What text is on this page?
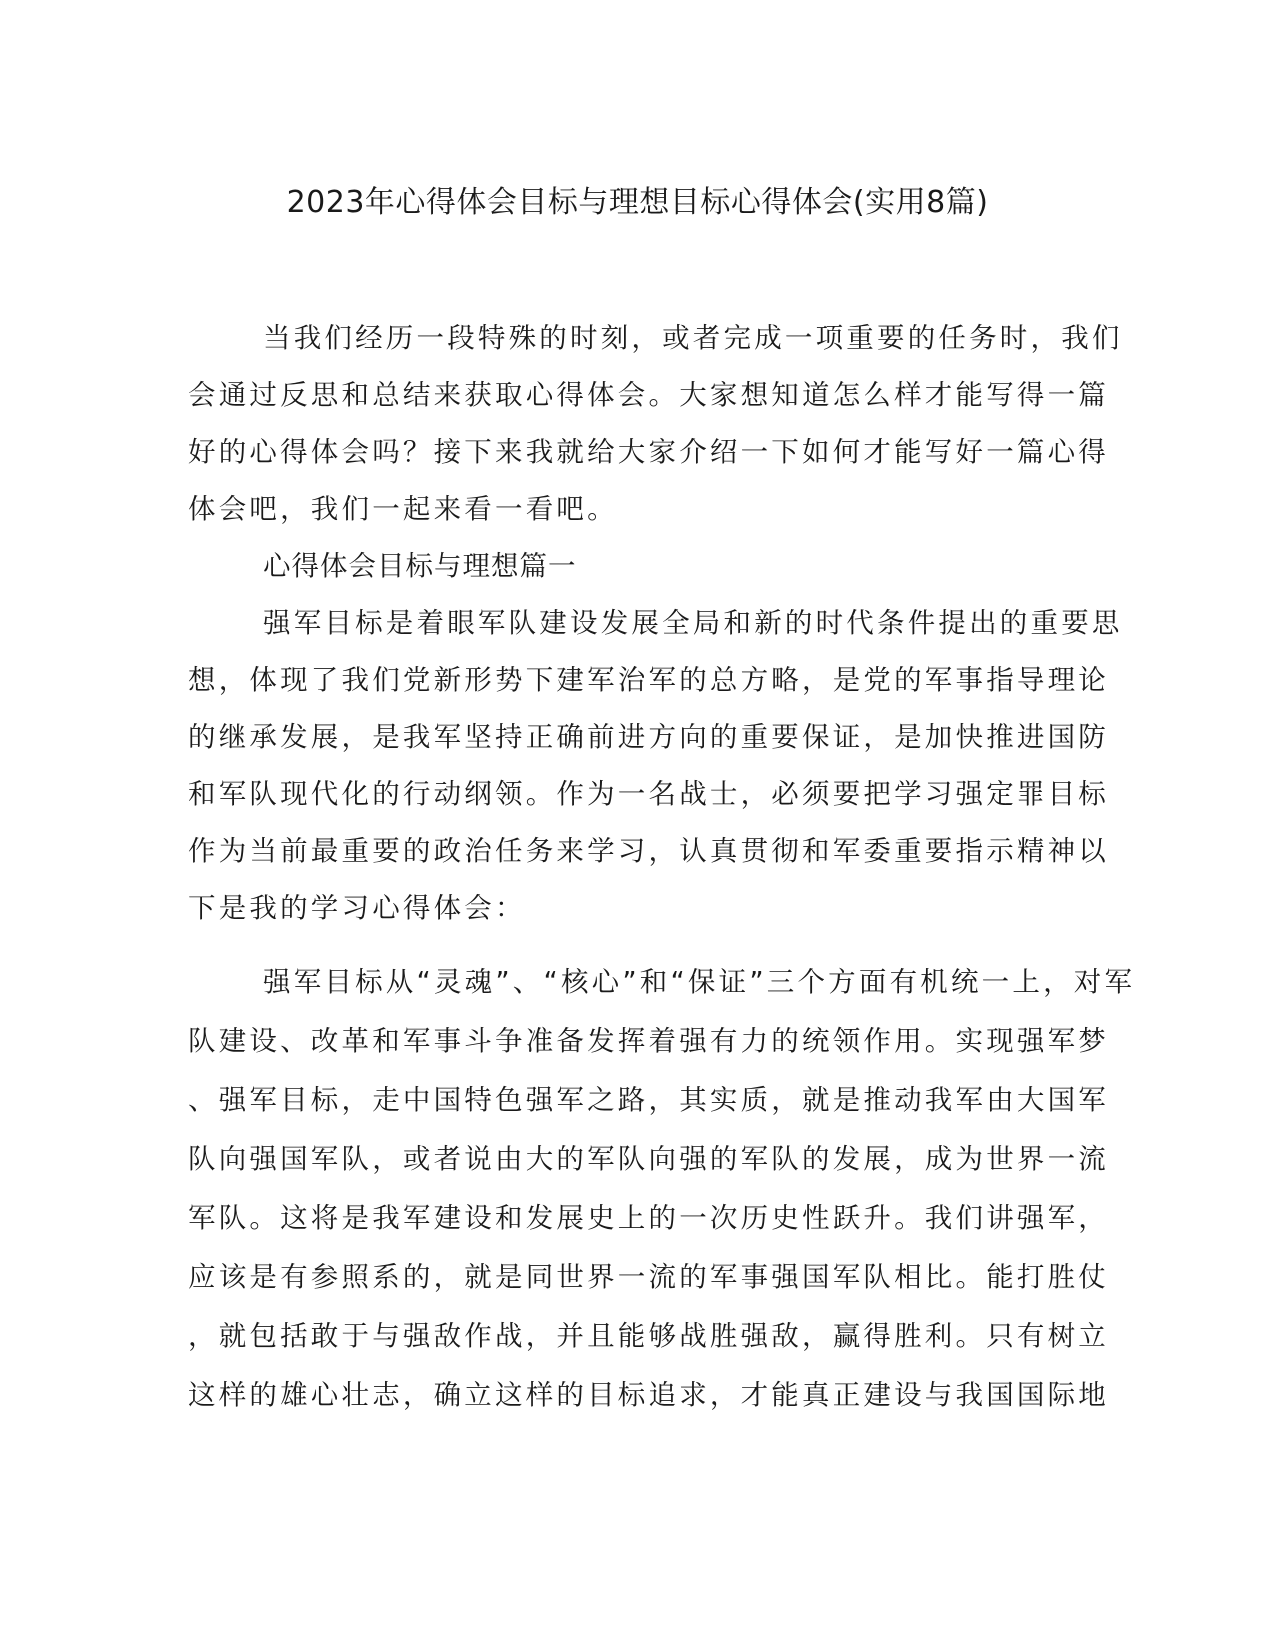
2023年心得体会目标与理想目标心得体会(实用8篇)

当我们经历一段特殊的时刻，或者完成一项重要的任务时，我们

会通过反思和总结来获取心得体会。大家想知道怎么样才能写得一篇

好的心得体会吗？接下来我就给大家介绍一下如何才能写好一篇心得

体会吧，我们一起来看一看吧。

心得体会目标与理想篇一

强军目标是着眼军队建设发展全局和新的时代条件提出的重要思

想，体现了我们党新形势下建军治军的总方略，是党的军事指导理论

的继承发展，是我军坚持正确前进方向的重要保证，是加快推进国防

和军队现代化的行动纲领。作为一名战士，必须要把学习强定罪目标

作为当前最重要的政治任务来学习，认真贯彻和军委重要指示精神以

下是我的学习心得体会：

强军目标从“灵魂”、“核心”和“保证”三个方面有机统一上，对军

队建设、改革和军事斗争准备发挥着强有力的统领作用。实现强军梦

、强军目标，走中国特色强军之路，其实质，就是推动我军由大国军

队向强国军队，或者说由大的军队向强的军队的发展，成为世界一流

军队。这将是我军建设和发展史上的一次历史性跃升。我们讲强军，

应该是有参照系的，就是同世界一流的军事强国军队相比。能打胜仗

，就包括敢于与强敌作战，并且能够战胜强敌，赢得胜利。只有树立

这样的雄心壮志，确立这样的目标追求，才能真正建设与我国国际地
